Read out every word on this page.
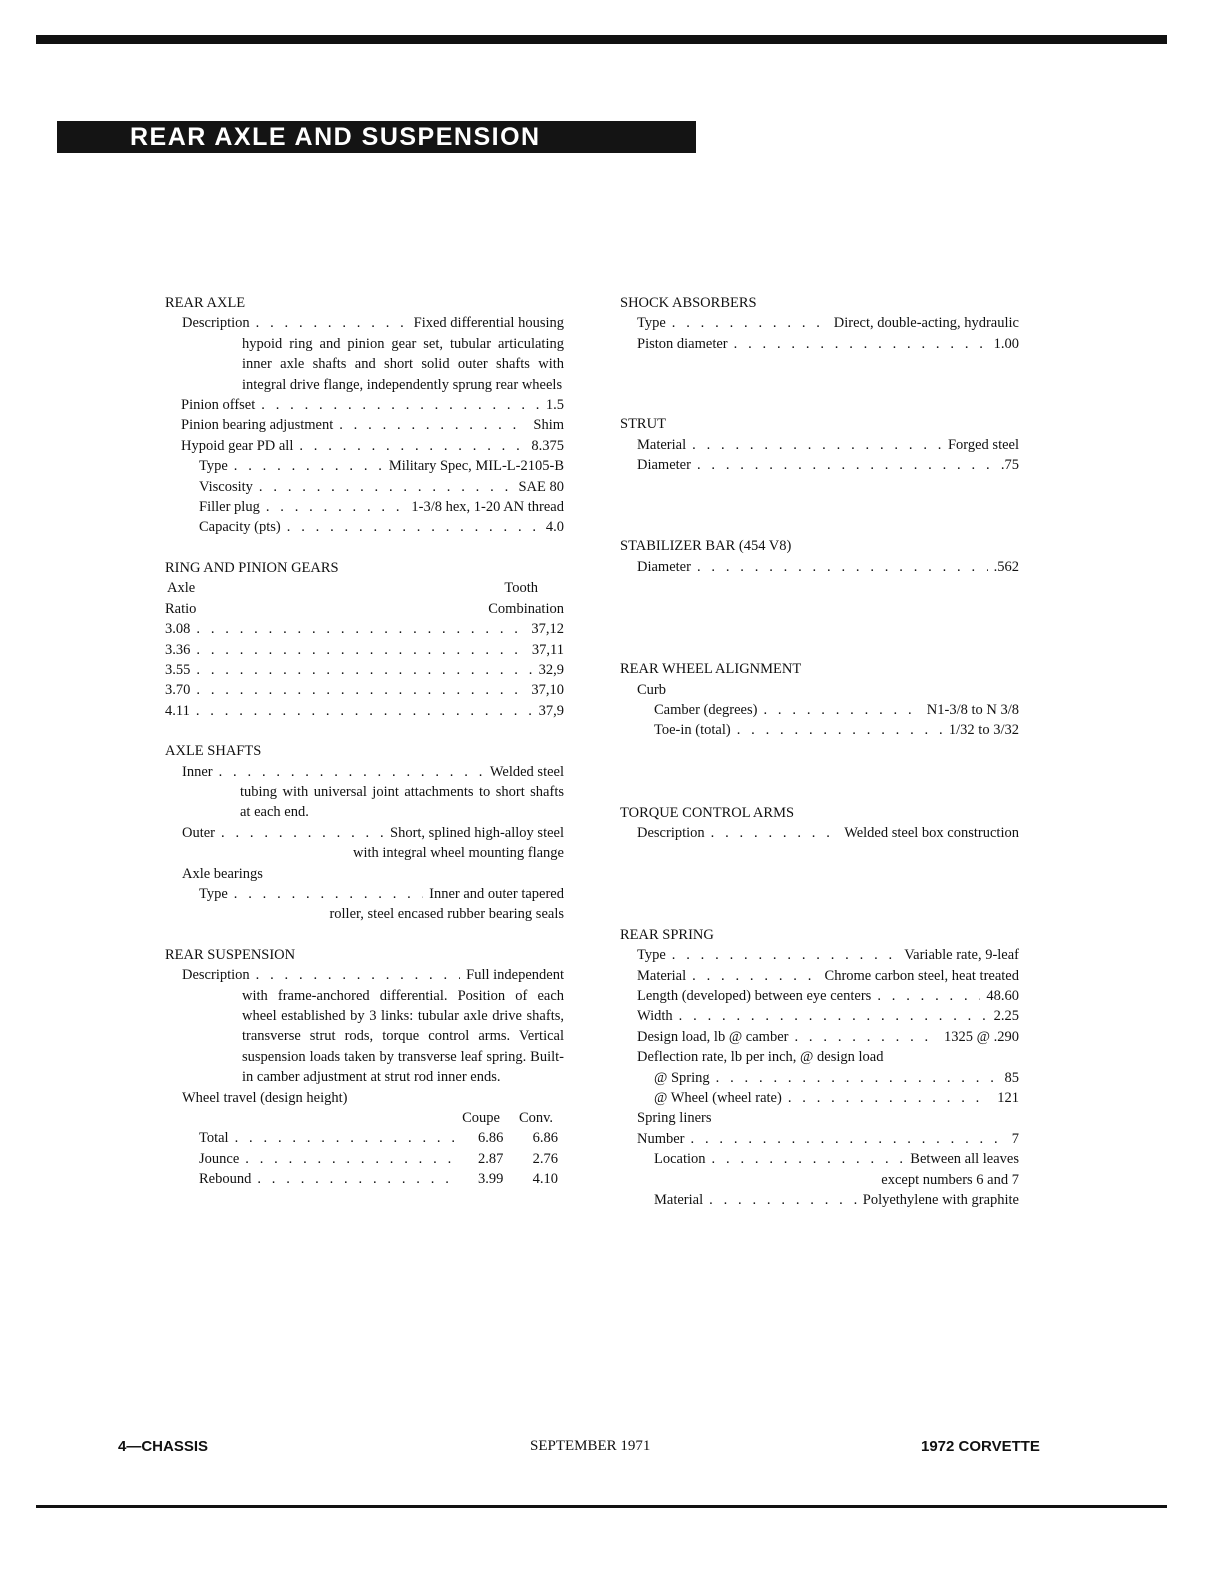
REAR AXLE AND SUSPENSION
REAR AXLE
Description . . .	Fixed differential housing
hypoid ring and pinion gear set, tubular articulating inner axle shafts and short solid outer shafts with integral drive flange, independently sprung rear wheels
Pinion offset . . .	1.5
Pinion bearing adjustment . . .	Shim
Hypoid gear PD all . . .	8.375
Type . . .	Military Spec, MIL-L-2105-B
Viscosity . . .	SAE 80
Filler plug . . .	1-3/8 hex, 1-20 AN thread
Capacity (pts) . . .	4.0
RING AND PINION GEARS
Axle	Tooth
Ratio	Combination
3.08 . . .	37,12
3.36 . . .	37,11
3.55 . . .	32,9
3.70 . . .	37,10
4.11 . . .	37,9
AXLE SHAFTS
Inner . . .	Welded steel
tubing with universal joint attachments to short shafts at each end.
Outer . . .	Short, splined high-alloy steel
with integral wheel mounting flange
Axle bearings
Type . . .	Inner and outer tapered
roller, steel encased rubber bearing seals
REAR SUSPENSION
Description . . .	Full independent
with frame-anchored differential. Position of each wheel established by 3 links: tubular axle drive shafts, transverse strut rods, torque control arms. Vertical suspension loads taken by transverse leaf spring. Built-in camber adjustment at strut rod inner ends.
Wheel travel (design height)
Coupe	Conv.
Total . . .	6.86	6.86
Jounce . . .	2.87	2.76
Rebound . . .	3.99	4.10
SHOCK ABSORBERS
Type . . .	Direct, double-acting, hydraulic
Piston diameter . . .	1.00
STRUT
Material . . .	Forged steel
Diameter . . .	.75
STABILIZER BAR (454 V8)
Diameter . . .	.562
REAR WHEEL ALIGNMENT
Curb
Camber (degrees) . . .	N1-3/8 to N 3/8
Toe-in (total) . . .	1/32 to 3/32
TORQUE CONTROL ARMS
Description . . .	Welded steel box construction
REAR SPRING
Type . . .	Variable rate, 9-leaf
Material . . .	Chrome carbon steel, heat treated
Length (developed) between eye centers . . .	48.60
Width . . .	2.25
Design load, lb @ camber . . .	1325 @ .290
Deflection rate, lb per inch, @ design load
@ Spring . . .	85
@ Wheel (wheel rate) . . .	121
Spring liners
Number . . .	7
Location . . .	Between all leaves
except numbers 6 and 7
Material . . .	Polyethylene with graphite
4—CHASSIS	SEPTEMBER 1971	1972 CORVETTE
